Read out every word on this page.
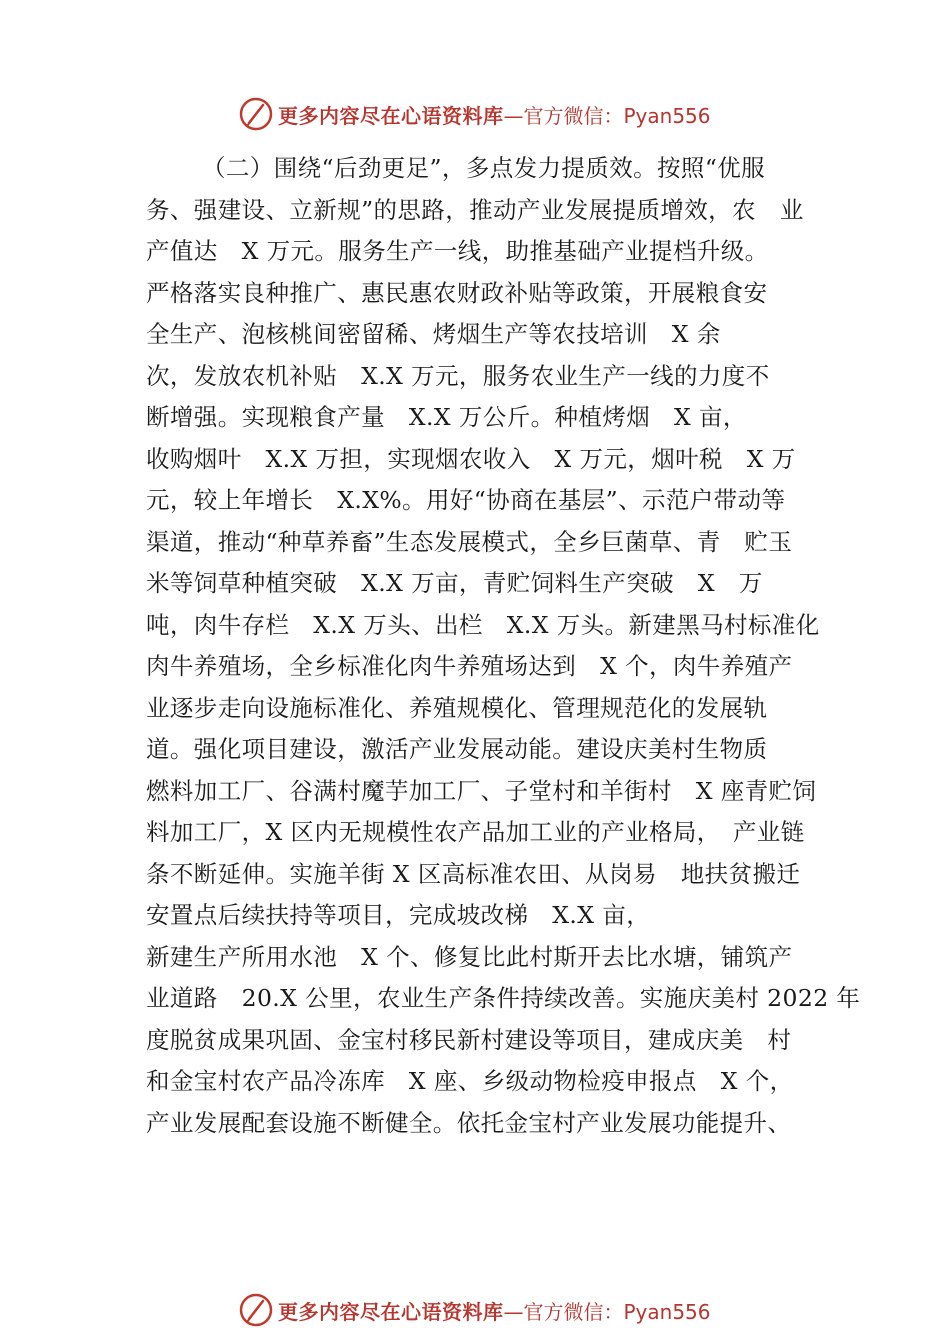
更多内容尽在心语资料库 —官方微信：Pyan556
（二）围绕“后劲更足”，多点发力提质效。按照“优服
务、强建设、立新规”的思路，推动产业发展提质增效，农　业
产值达　X 万元。服务生产一线，助推基础产业提档升级。
严格落实良种推广、惠民惠农财政补贴等政策，开展粮食安
全生产、泡核桃间密留稀、烤烟生产等农技培训　X 余
次，发放农机补贴　X.X 万元，服务农业生产一线的力度不
断增强。实现粮食产量　X.X 万公斤。种植烤烟　X 亩，
收购烟叶　X.X 万担，实现烟农收入　X 万元，烟叶税　X 万
元，较上年增长　X.X%。用好“协商在基层”、示范户带动等
渠道，推动“种草养畜”生态发展模式，全乡巨菌草、青　贮玉
米等饲草种植突破　X.X 万亩，青贮饲料生产突破　X　万
吨，肉牛存栏　X.X 万头、出栏　X.X 万头。新建黑马村标准化
肉牛养殖场，全乡标准化肉牛养殖场达到　X 个，肉牛养殖产
业逐步走向设施标准化、养殖规模化、管理规范化的发展轨
道。强化项目建设，激活产业发展动能。建设庆美村生物质
燃料加工厂、谷满村魔芋加工厂、子堂村和羊街村　X 座青贮饲
料加工厂，X 区内无规模性农产品加工业的产业格局，　产业链
条不断延伸。实施羊街 X 区高标准农田、从岗易　地扶贫搬迁
安置点后续扶持等项目，完成坡改梯　X.X 亩，
新建生产所用水池　X 个、修复比此村斯开去比水塘，铺筑产
业道路　20.X 公里，农业生产条件持续改善。实施庆美村 2022 年
度脱贫成果巩固、金宝村移民新村建设等项目，建成庆美　村
和金宝村农产品冷冻库　X 座、乡级动物检疫申报点　X 个，
产业发展配套设施不断健全。依托金宝村产业发展功能提升、
更多内容尽在心语资料库 —官方微信：Pyan556
